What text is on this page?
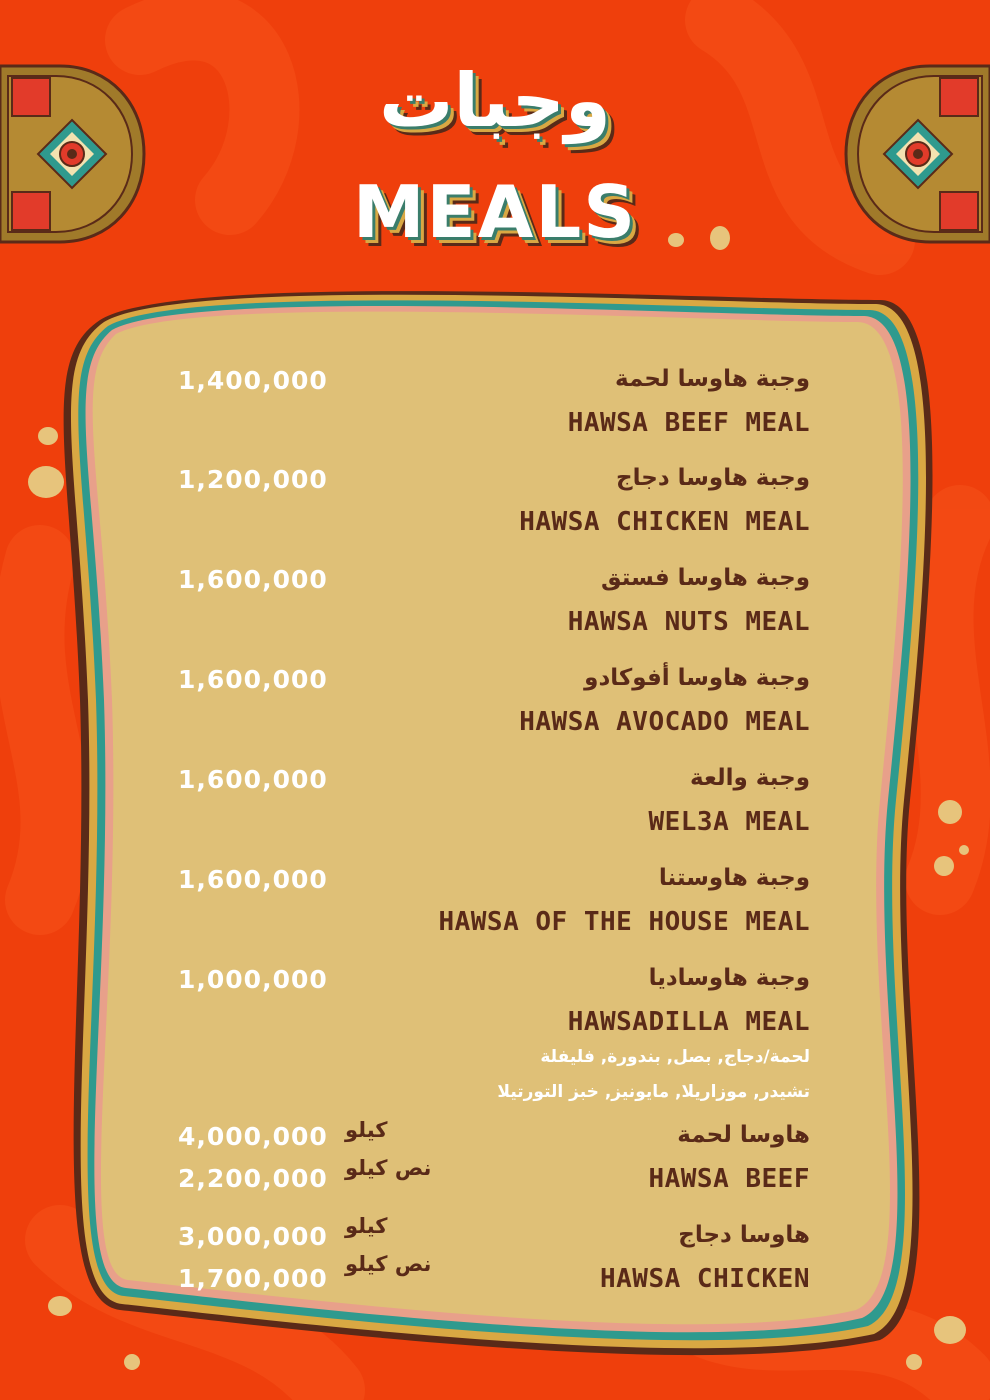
وجبات
MEALS
وجبة هاوسا لحمة
HAWSA BEEF MEAL
1,400,000
وجبة هاوسا دجاج
HAWSA CHICKEN MEAL
1,200,000
وجبة هاوسا فستق
HAWSA NUTS MEAL
1,600,000
وجبة هاوسا أفوكادو
HAWSA AVOCADO MEAL
1,600,000
وجبة والعة
WEL3A MEAL
1,600,000
وجبة هاوستنا
HAWSA OF THE HOUSE MEAL
1,600,000
وجبة هاوساديا
HAWSADILLA MEAL
1,000,000
لحمة/دجاج, بصل, بندورة, فليفلة
تشيدر, موزاريلا, مايونيز, خبز التورتيلا
هاوسا لحمة
HAWSA BEEF
4,000,000 كيلو
2,200,000 نص كيلو
هاوسا دجاج
HAWSA CHICKEN
3,000,000 كيلو
1,700,000 نص كيلو
